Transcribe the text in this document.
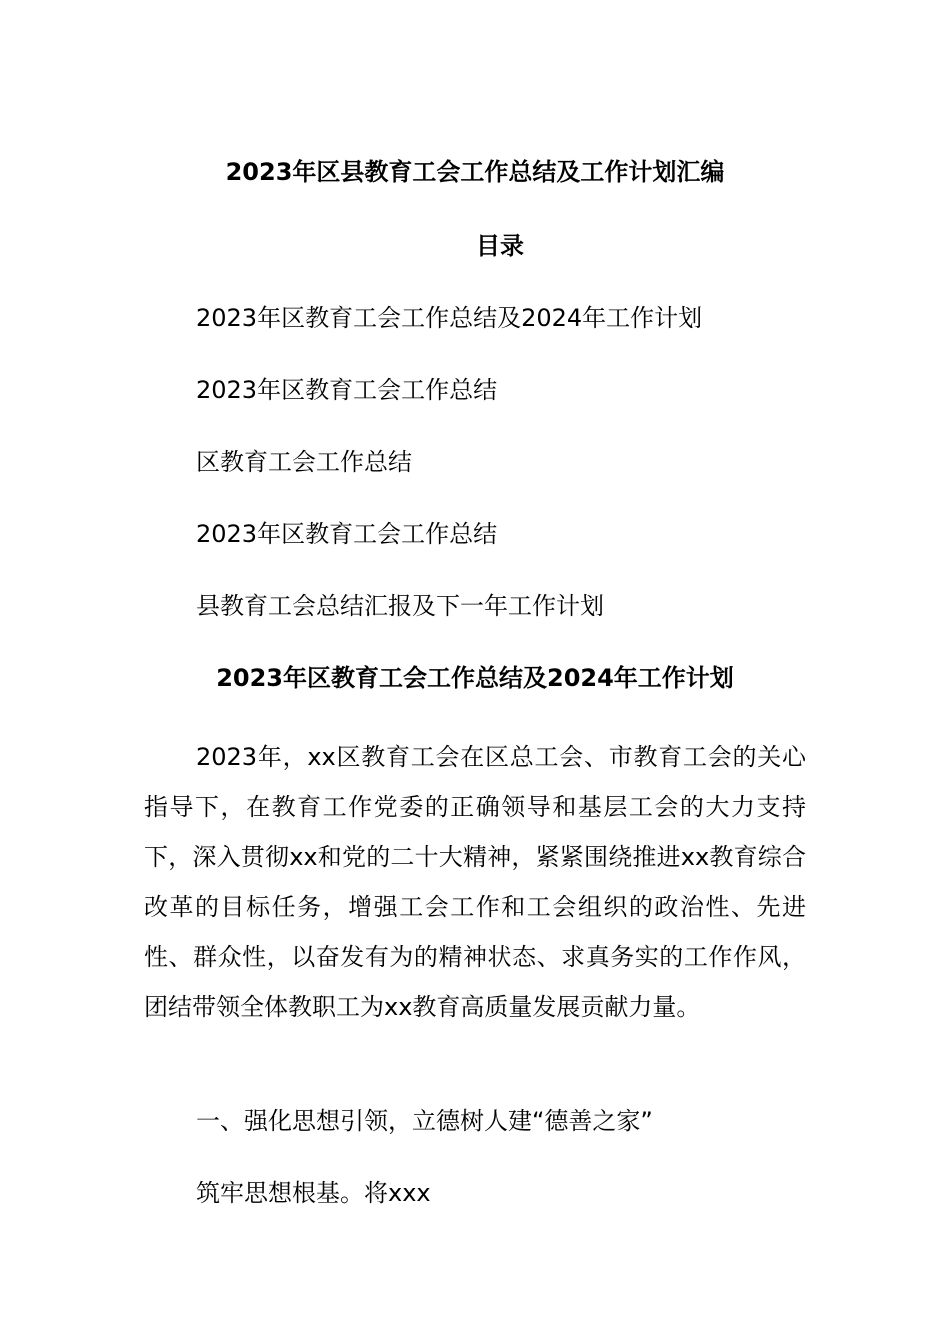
2023年区县教育工会工作总结及工作计划汇编
目录
2023年区教育工会工作总结及2024年工作计划
2023年区教育工会工作总结
区教育工会工作总结
2023年区教育工会工作总结
县教育工会总结汇报及下一年工作计划
2023年区教育工会工作总结及2024年工作计划

2023年，xx区教育工会在区总工会、市教育工会的关心指导下，在教育工作党委的正确领导和基层工会的大力支持下，深入贯彻xx和党的二十大精神，紧紧围绕推进xx教育综合改革的目标任务，增强工会工作和工会组织的政治性、先进性、群众性，以奋发有为的精神状态、求真务实的工作作风，团结带领全体教职工为xx教育高质量发展贡献力量。

一、强化思想引领，立德树人建“德善之家”
筑牢思想根基。将xxx
